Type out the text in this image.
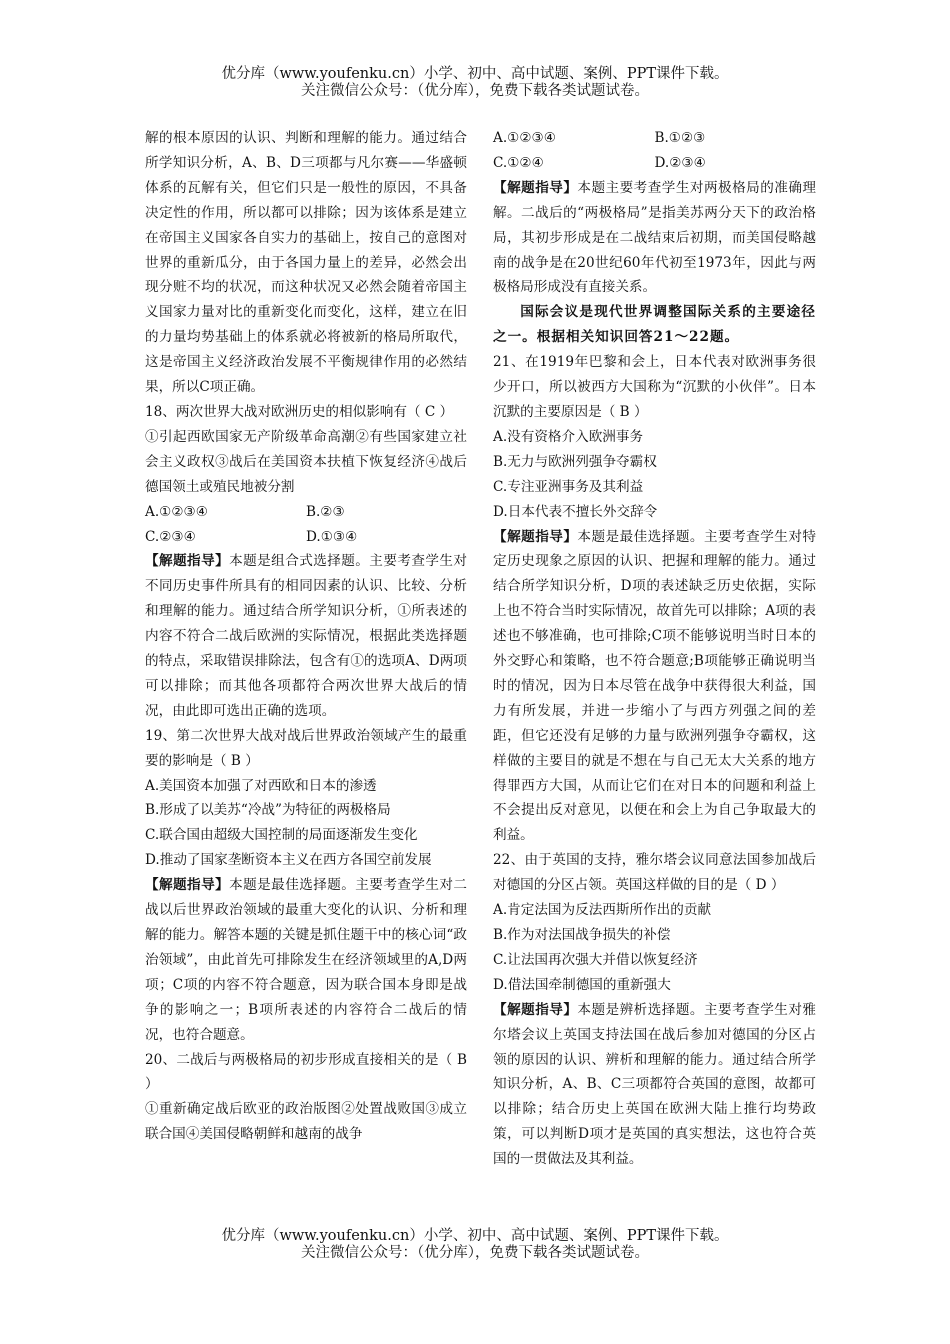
优分库（www.youfenku.cn）小学、初中、高中试题、案例、PPT课件下载。
关注微信公众号：（优分库），免费下载各类试题试卷。

解的根本原因的认识、判断和理解的能力。通过结合所学知识分析，A、B、D三项都与凡尔赛——华盛顿体系的瓦解有关，但它们只是一般性的原因，不具备决定性的作用，所以都可以排除；因为该体系是建立在帝国主义国家各自实力的基础上，按自己的意图对世界的重新瓜分，由于各国力量上的差异，必然会出现分赃不均的状况，而这种状况又必然会随着帝国主义国家力量对比的重新变化而变化，这样，建立在旧的力量均势基础上的体系就必将被新的格局所取代，这是帝国主义经济政治发展不平衡规律作用的必然结果，所以C项正确。

18、两次世界大战对欧洲历史的相似影响有（ C ）

①引起西欧国家无产阶级革命高潮②有些国家建立社会主义政权③战后在美国资本扶植下恢复经济④战后德国领土或殖民地被分割

A.①②③④	B.②③
C.②③④	D.①③④

【解题指导】本题是组合式选择题。主要考查学生对不同历史事件所具有的相同因素的认识、比较、分析和理解的能力。通过结合所学知识分析，①所表述的内容不符合二战后欧洲的实际情况，根据此类选择题的特点，采取错误排除法，包含有①的选项A、D两项可以排除；而其他各项都符合两次世界大战后的情况，由此即可选出正确的选项。

19、第二次世界大战对战后世界政治领域产生的最重要的影响是（ B ）

A.美国资本加强了对西欧和日本的渗透

B.形成了以美苏“冷战”为特征的两极格局

C.联合国由超级大国控制的局面逐渐发生变化

D.推动了国家垄断资本主义在西方各国空前发展

【解题指导】本题是最佳选择题。主要考查学生对二战以后世界政治领域的最重大变化的认识、分析和理解的能力。解答本题的关键是抓住题干中的核心词“政治领域”，由此首先可排除发生在经济领域里的A,D两项；C项的内容不符合题意，因为联合国本身即是战争的影响之一；B项所表述的内容符合二战后的情况，也符合题意。

20、二战后与两极格局的初步形成直接相关的是（ B ）

①重新确定战后欧亚的政治版图②处置战败国③成立联合国④美国侵略朝鲜和越南的战争

A.①②③④	B.①②③
C.①②④	D.②③④

【解题指导】本题主要考查学生对两极格局的准确理解。二战后的“两极格局”是指美苏两分天下的政治格局，其初步形成是在二战结束后初期，而美国侵略越南的战争是在20世纪60年代初至1973年，因此与两极格局形成没有直接关系。

国际会议是现代世界调整国际关系的主要途径之一。根据相关知识回答21～22题。

21、在1919年巴黎和会上，日本代表对欧洲事务很少开口，所以被西方大国称为“沉默的小伙伴”。日本沉默的主要原因是（ B ）

A.没有资格介入欧洲事务

B.无力与欧洲列强争夺霸权

C.专注亚洲事务及其利益

D.日本代表不擅长外交辞令

【解题指导】本题是最佳选择题。主要考查学生对特定历史现象之原因的认识、把握和理解的能力。通过结合所学知识分析，D项的表述缺乏历史依据，实际上也不符合当时实际情况，故首先可以排除；A项的表述也不够准确，也可排除;C项不能够说明当时日本的外交野心和策略，也不符合题意;B项能够正确说明当时的情况，因为日本尽管在战争中获得很大利益，国力有所发展，并进一步缩小了与西方列强之间的差距，但它还没有足够的力量与欧洲列强争夺霸权，这样做的主要目的就是不想在与自己无太大关系的地方得罪西方大国，从而让它们在对日本的问题和利益上不会提出反对意见，以便在和会上为自己争取最大的利益。

22、由于英国的支持，雅尔塔会议同意法国参加战后对德国的分区占领。英国这样做的目的是（ D ）

A.肯定法国为反法西斯所作出的贡献

B.作为对法国战争损失的补偿

C.让法国再次强大并借以恢复经济

D.借法国牵制德国的重新强大

【解题指导】本题是辨析选择题。主要考查学生对雅尔塔会议上英国支持法国在战后参加对德国的分区占领的原因的认识、辨析和理解的能力。通过结合所学知识分析，A、B、C三项都符合英国的意图，故都可以排除；结合历史上英国在欧洲大陆上推行均势政策，可以判断D项才是英国的真实想法，这也符合英国的一贯做法及其利益。

优分库（www.youfenku.cn）小学、初中、高中试题、案例、PPT课件下载。
关注微信公众号：（优分库），免费下载各类试题试卷。
